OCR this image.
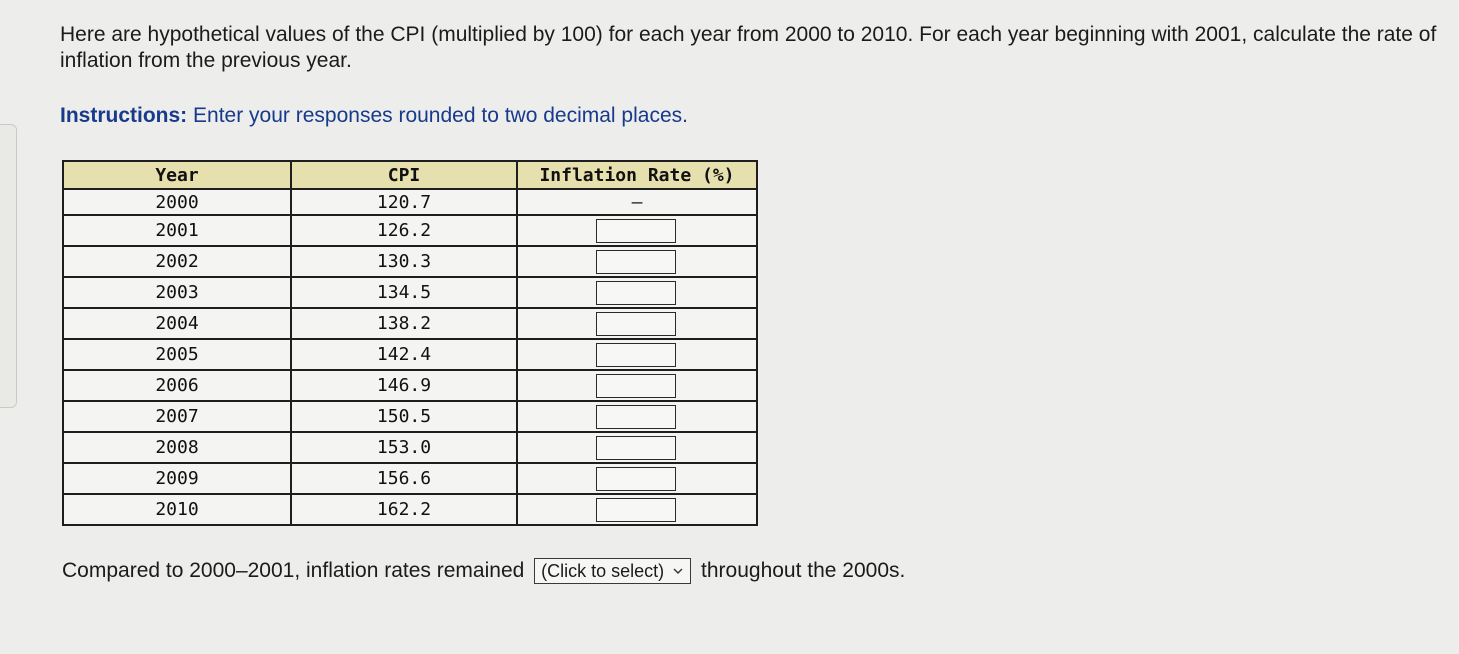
Here are hypothetical values of the CPI (multiplied by 100) for each year from 2000 to 2010. For each year beginning with 2001, calculate the rate of inflation from the previous year.

Instructions: Enter your responses rounded to two decimal places.

Year	CPI	Inflation Rate (%)
2000	120.7	–
2001	126.2	

2002	130.3	

2003	134.5	

2004	138.2	

2005	142.4	

2006	146.9	

2007	150.5	

2008	153.0	

2009	156.6	

2010	162.2	

Compared to 2000–2001, inflation rates remained (Click to select) throughout the 2000s.
